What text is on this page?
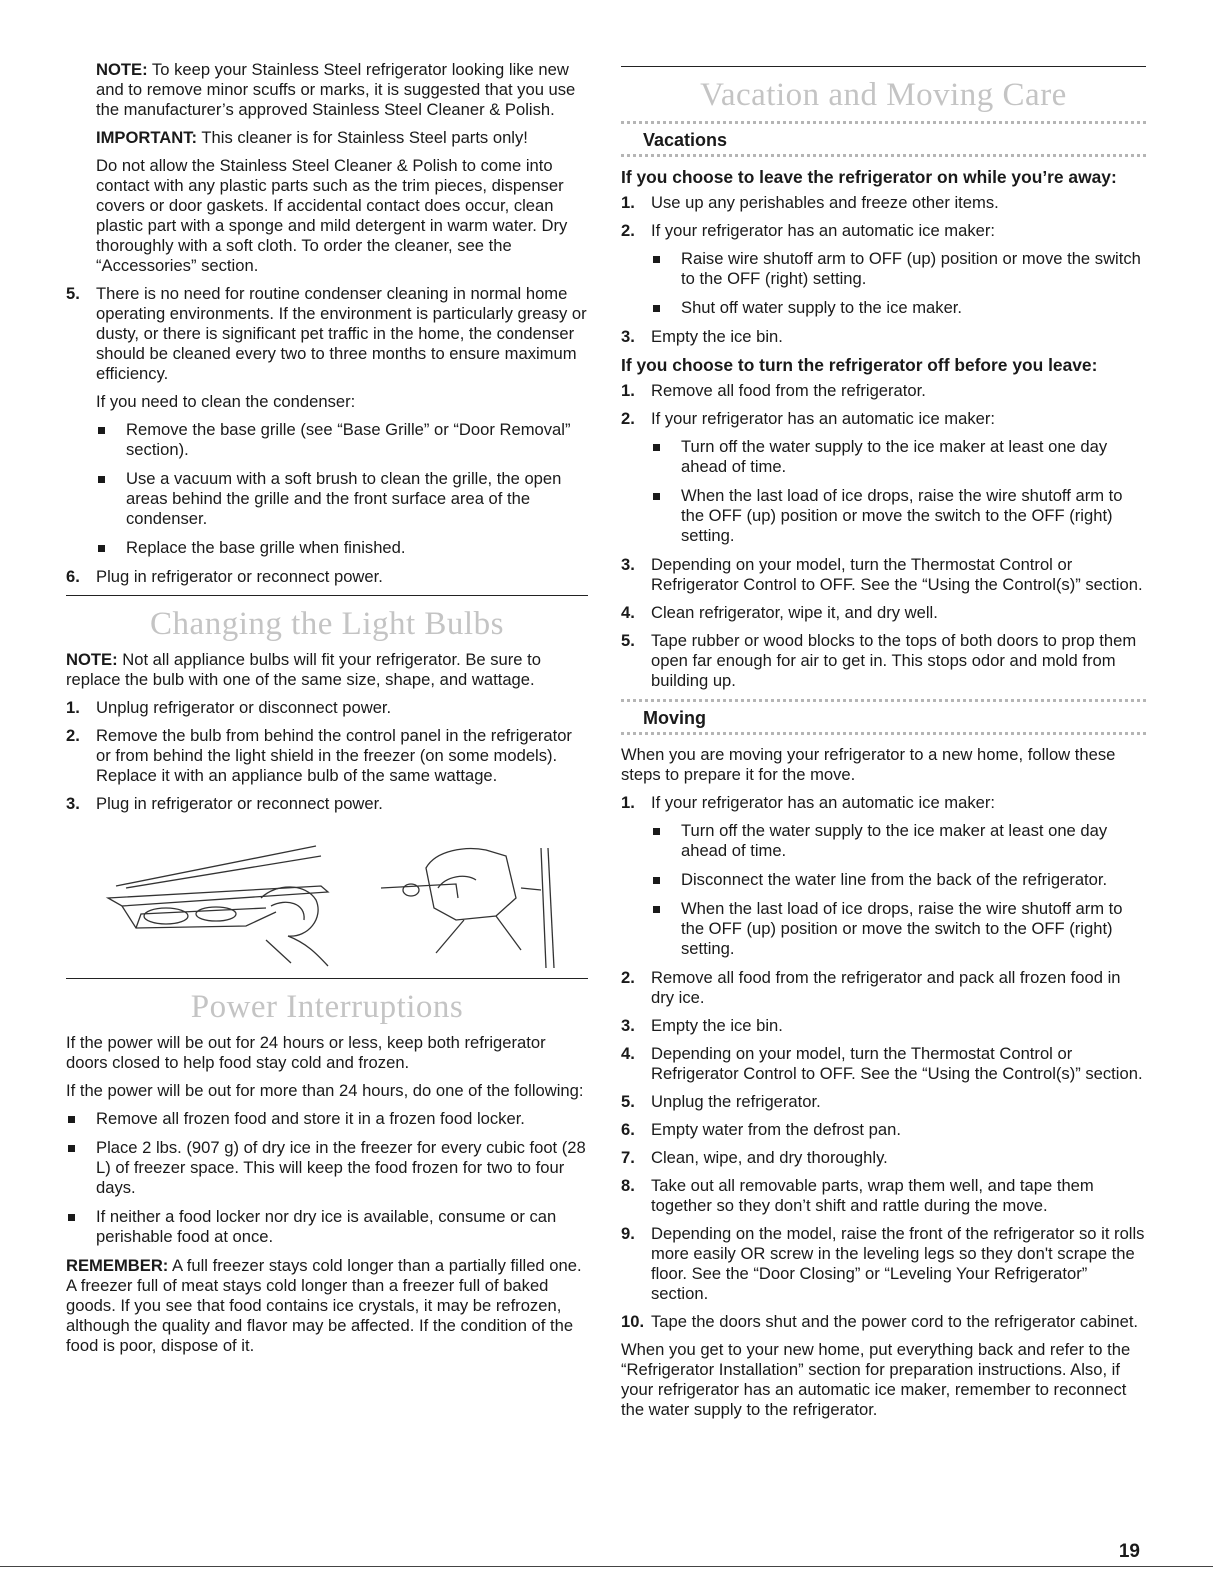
NOTE: To keep your Stainless Steel refrigerator looking like new and to remove minor scuffs or marks, it is suggested that you use the manufacturer’s approved Stainless Steel Cleaner & Polish.

IMPORTANT: This cleaner is for Stainless Steel parts only!

Do not allow the Stainless Steel Cleaner & Polish to come into contact with any plastic parts such as the trim pieces, dispenser covers or door gaskets. If accidental contact does occur, clean plastic part with a sponge and mild detergent in warm water. Dry thoroughly with a soft cloth. To order the cleaner, see the “Accessories” section.

5. There is no need for routine condenser cleaning in normal home operating environments. If the environment is particularly greasy or dusty, or there is significant pet traffic in the home, the condenser should be cleaned every two to three months to ensure maximum efficiency.

If you need to clean the condenser:

Remove the base grille (see “Base Grille” or “Door Removal” section).
Use a vacuum with a soft brush to clean the grille, the open areas behind the grille and the front surface area of the condenser.
Replace the base grille when finished.
6. Plug in refrigerator or reconnect power.
Changing the Light Bulbs

NOTE: Not all appliance bulbs will fit your refrigerator. Be sure to replace the bulb with one of the same size, shape, and wattage.

1. Unplug refrigerator or disconnect power.
2. Remove the bulb from behind the control panel in the refrigerator or from behind the light shield in the freezer (on some models). Replace it with an appliance bulb of the same wattage.
3. Plug in refrigerator or reconnect power.
Power Interruptions

If the power will be out for 24 hours or less, keep both refrigerator doors closed to help food stay cold and frozen.

If the power will be out for more than 24 hours, do one of the following:

Remove all frozen food and store it in a frozen food locker.
Place 2 lbs. (907 g) of dry ice in the freezer for every cubic foot (28 L) of freezer space. This will keep the food frozen for two to four days.
If neither a food locker nor dry ice is available, consume or can perishable food at once.

REMEMBER: A full freezer stays cold longer than a partially filled one. A freezer full of meat stays cold longer than a freezer full of baked goods. If you see that food contains ice crystals, it may be refrozen, although the quality and flavor may be affected. If the condition of the food is poor, dispose of it.

Vacation and Moving Care
Vacations
If you choose to leave the refrigerator on while you’re away:
1. Use up any perishables and freeze other items.
2. If your refrigerator has an automatic ice maker:
Raise wire shutoff arm to OFF (up) position or move the switch to the OFF (right) setting.
Shut off water supply to the ice maker.
3. Empty the ice bin.
If you choose to turn the refrigerator off before you leave:
1. Remove all food from the refrigerator.
2. If your refrigerator has an automatic ice maker:
Turn off the water supply to the ice maker at least one day ahead of time.
When the last load of ice drops, raise the wire shutoff arm to the OFF (up) position or move the switch to the OFF (right) setting.
3. Depending on your model, turn the Thermostat Control or Refrigerator Control to OFF. See the “Using the Control(s)” section.
4. Clean refrigerator, wipe it, and dry well.
5. Tape rubber or wood blocks to the tops of both doors to prop them open far enough for air to get in. This stops odor and mold from building up.
Moving

When you are moving your refrigerator to a new home, follow these steps to prepare it for the move.

1. If your refrigerator has an automatic ice maker:
Turn off the water supply to the ice maker at least one day ahead of time.
Disconnect the water line from the back of the refrigerator.
When the last load of ice drops, raise the wire shutoff arm to the OFF (up) position or move the switch to the OFF (right) setting.
2. Remove all food from the refrigerator and pack all frozen food in dry ice.
3. Empty the ice bin.
4. Depending on your model, turn the Thermostat Control or Refrigerator Control to OFF. See the “Using the Control(s)” section.
5. Unplug the refrigerator.
6. Empty water from the defrost pan.
7. Clean, wipe, and dry thoroughly.
8. Take out all removable parts, wrap them well, and tape them together so they don’t shift and rattle during the move.
9. Depending on the model, raise the front of the refrigerator so it rolls more easily OR screw in the leveling legs so they don't scrape the floor. See the “Door Closing” or “Leveling Your Refrigerator” section.
10. Tape the doors shut and the power cord to the refrigerator cabinet.

When you get to your new home, put everything back and refer to the “Refrigerator Installation” section for preparation instructions. Also, if your refrigerator has an automatic ice maker, remember to reconnect the water supply to the refrigerator.

19
